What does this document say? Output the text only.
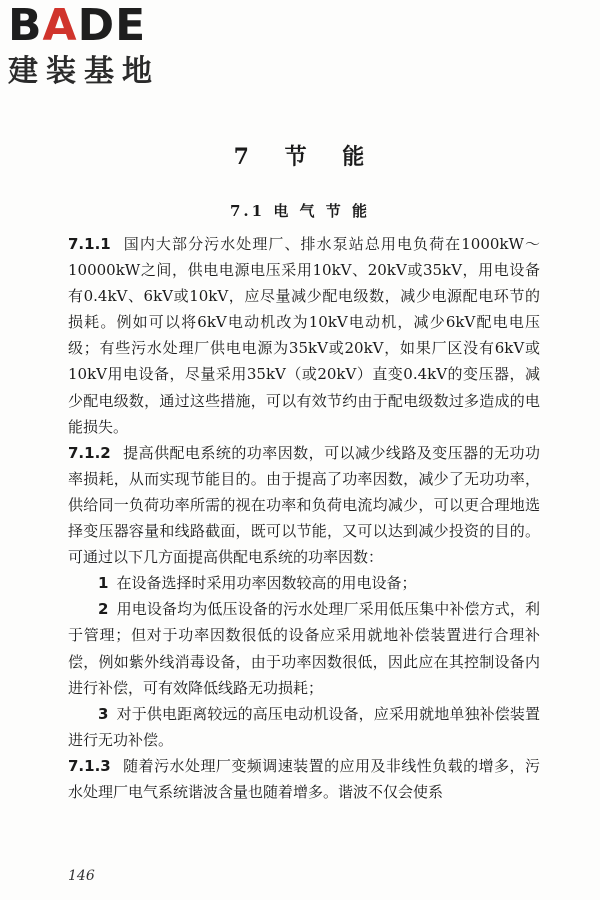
BADE
建装基地
7 节 能
7.1 电 气 节 能

7.1.1 国内大部分污水处理厂、排水泵站总用电负荷在1000kW～10000kW之间，供电电源电压采用10kV、20kV或35kV，用电设备有0.4kV、6kV或10kV，应尽量减少配电级数，减少电源配电环节的损耗。例如可以将6kV电动机改为10kV电动机，减少6kV配电电压级；有些污水处理厂供电电源为35kV或20kV，如果厂区没有6kV或10kV用电设备，尽量采用35kV（或20kV）直变0.4kV的变压器，减少配电级数，通过这些措施，可以有效节约由于配电级数过多造成的电能损失。

7.1.2 提高供配电系统的功率因数，可以减少线路及变压器的无功功率损耗，从而实现节能目的。由于提高了功率因数，减少了无功功率，供给同一负荷功率所需的视在功率和负荷电流均减少，可以更合理地选择变压器容量和线路截面，既可以节能，又可以达到减少投资的目的。可通过以下几方面提高供配电系统的功率因数：

1 在设备选择时采用功率因数较高的用电设备；

2 用电设备均为低压设备的污水处理厂采用低压集中补偿方式，利于管理；但对于功率因数很低的设备应采用就地补偿装置进行合理补偿，例如紫外线消毒设备，由于功率因数很低，因此应在其控制设备内进行补偿，可有效降低线路无功损耗；

3 对于供电距离较远的高压电动机设备，应采用就地单独补偿装置进行无功补偿。

7.1.3 随着污水处理厂变频调速装置的应用及非线性负载的增多，污水处理厂电气系统谐波含量也随着增多。谐波不仅会使系

146
